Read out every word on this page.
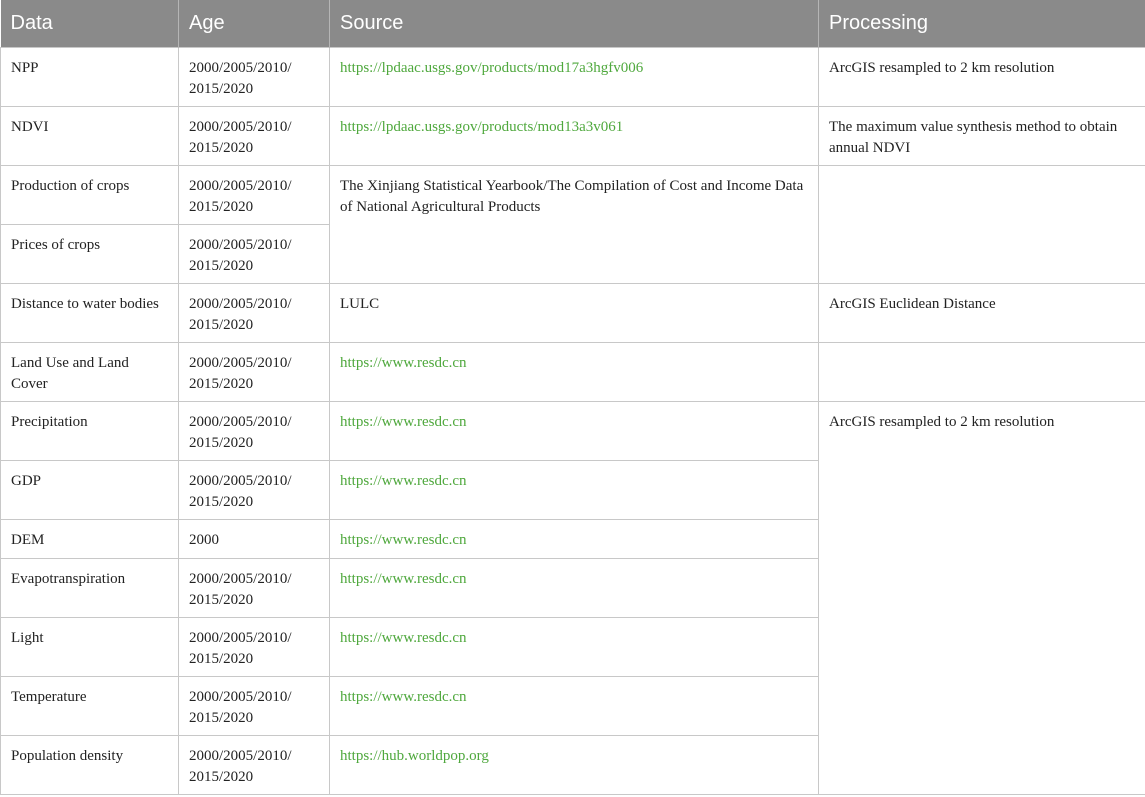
Data	Age	Source	Processing
NPP	2000/2005/2010/ 2015/2020	https://lpdaac.usgs.gov/products/mod17a3hgfv006	ArcGIS resampled to 2 km resolution
NDVI	2000/2005/2010/ 2015/2020	https://lpdaac.usgs.gov/products/mod13a3v061	The maximum value synthesis method to obtain annual NDVI
Production of crops	2000/2005/2010/ 2015/2020	The Xinjiang Statistical Yearbook/The Compilation of Cost and Income Data of National Agricultural Products	
Prices of crops	2000/2005/2010/ 2015/2020		
Distance to water bodies	2000/2005/2010/ 2015/2020	LULC	ArcGIS Euclidean Distance
Land Use and Land Cover	2000/2005/2010/ 2015/2020	https://www.resdc.cn	
Precipitation	2000/2005/2010/ 2015/2020	https://www.resdc.cn	ArcGIS resampled to 2 km resolution
GDP	2000/2005/2010/ 2015/2020	https://www.resdc.cn	
DEM	2000	https://www.resdc.cn	
Evapotranspiration	2000/2005/2010/ 2015/2020	https://www.resdc.cn	
Light	2000/2005/2010/ 2015/2020	https://www.resdc.cn	
Temperature	2000/2005/2010/ 2015/2020	https://www.resdc.cn	
Population density	2000/2005/2010/ 2015/2020	https://hub.worldpop.org	
